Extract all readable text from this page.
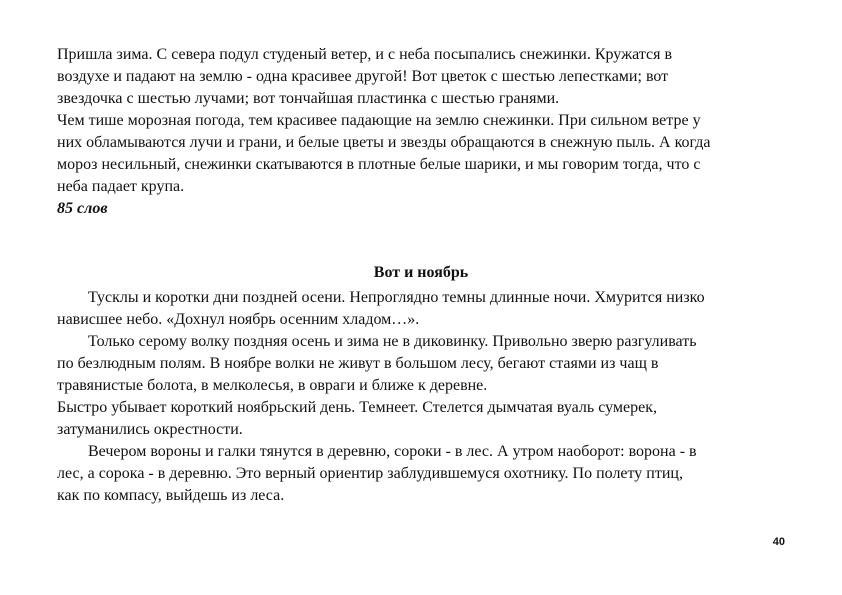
Пришла зима. С севера подул студеный ветер, и с неба посыпались снежинки. Кружатся в
воздухе и падают на землю - одна красивее другой! Вот цветок с шестью лепестками; вот
звездочка с шестью лучами; вот тончайшая пластинка с шестью гранями.
Чем тише морозная погода, тем красивее падающие на землю снежинки. При сильном ветре у
них обламываются лучи и грани, и белые цветы и звезды обращаются в снежную пыль. А когда
мороз несильный, снежинки скатываются в плотные белые шарики, и мы говорим тогда, что с
неба падает крупа.
85 слов
Вот и ноябрь
Тусклы и коротки дни поздней осени. Непроглядно темны длинные ночи. Хмурится низко
нависшее небо. «Дохнул ноябрь осенним хладом…».
Только серому волку поздняя осень и зима не в диковинку. Привольно зверю разгуливать
по безлюдным полям. В ноябре волки не живут в большом лесу, бегают стаями из чащ в
травянистые болота, в мелколесья, в овраги и ближе к деревне.
Быстро убывает короткий ноябрьский день. Темнеет. Стелется дымчатая вуаль сумерек,
затуманились окрестности.
Вечером вороны и галки тянутся в деревню, сороки - в лес. А утром наоборот: ворона - в
лес, а сорока - в деревню. Это верный ориентир заблудившемуся охотнику. По полету птиц,
как по компасу, выйдешь из леса.
40
